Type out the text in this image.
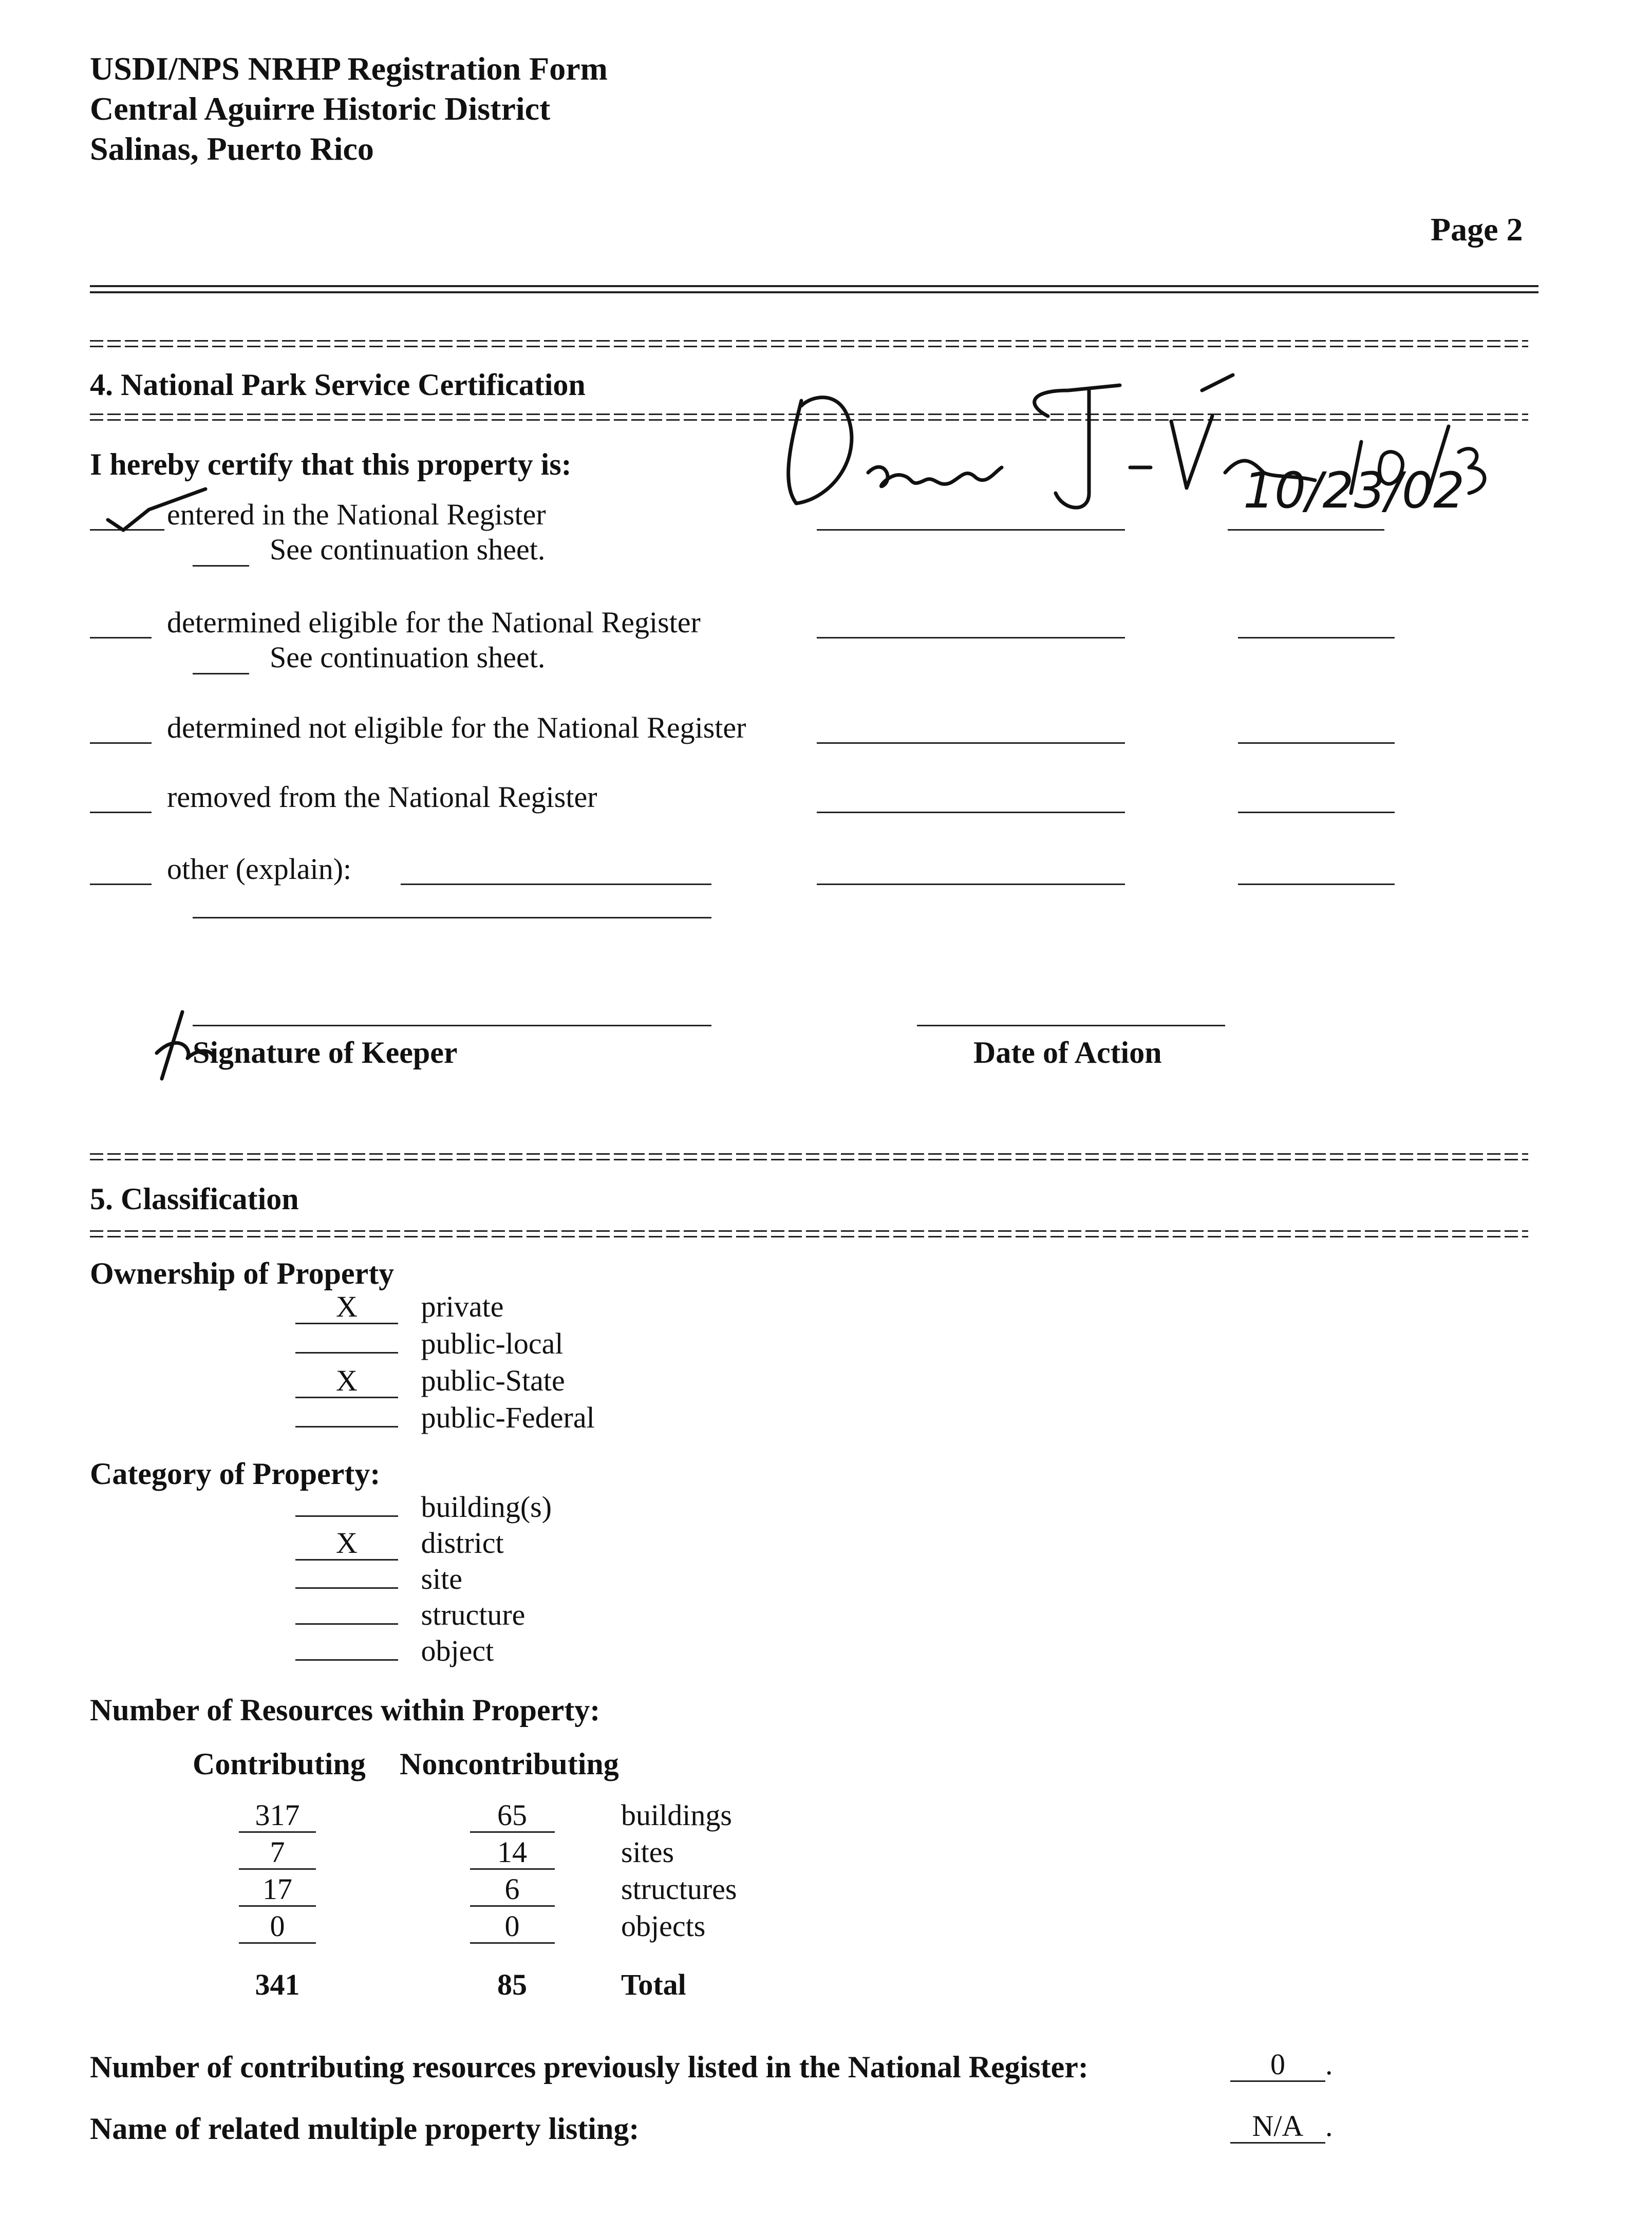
USDI/NPS NRHP Registration Form
Central Aguirre Historic District
Salinas, Puerto Rico
Page 2
4. National Park Service Certification
I hereby certify that this property is:
entered in the National Register
See continuation sheet.
determined eligible for the National Register
See continuation sheet.
determined not eligible for the National Register
removed from the National Register
other (explain):
10/23/02
Signature of Keeper	Date of Action
5. Classification
Ownership of Property
X private
public-local
X public-State
public-Federal
Category of Property:
building(s)
X district
site
structure
object
Number of Resources within Property:
Contributing Noncontributing
317	65	buildings
7	14	sites
17	6	structures
0	0	objects
341	85	Total
Number of contributing resources previously listed in the National Register:	0 .
Name of related multiple property listing:	N/A .
